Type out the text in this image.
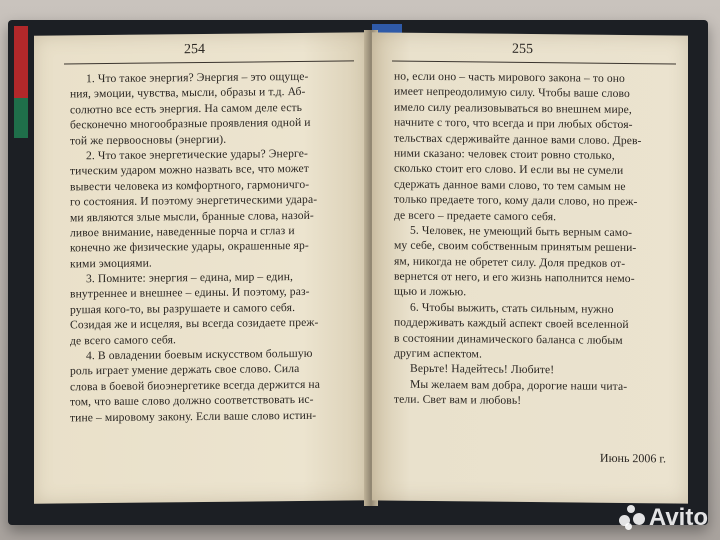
254
1. Что такое энергия? Энергия – это ощуще-
ния, эмоции, чувства, мысли, образы и т.д. Аб-
солютно все есть энергия. На самом деле есть
бесконечно многообразные проявления одной и
той же первоосновы (энергии).
2. Что такое энергетические удары? Энерге-
тическим ударом можно назвать все, что может
вывести человека из комфортного, гармоничго-
го состояния. И поэтому энергетическими удара-
ми являются злые мысли, бранные слова, назой-
ливое внимание, наведенные порча и сглаз и
конечно же физические удары, окрашенные яр-
кими эмоциями.
3. Помните: энергия – едина, мир – един,
внутреннее и внешнее – едины. И поэтому, раз-
рушая кого-то, вы разрушаете и самого себя.
Созидая же и исцеляя, вы всегда созидаете преж-
де всего самого себя.
4. В овладении боевым искусством большую
роль играет умение держать свое слово. Сила
слова в боевой биоэнергетике всегда держится на
том, что ваше слово должно соответствовать ис-
тине – мировому закону. Если ваше слово истин-
255
но, если оно – часть мирового закона – то оно
имеет непреодолимую силу. Чтобы ваше слово
имело силу реализовываться во внешнем мире,
начните с того, что всегда и при любых обстоя-
тельствах сдерживайте данное вами слово. Древ-
ними сказано: человек стоит ровно столько,
сколько стоит его слово. И если вы не сумели
сдержать данное вами слово, то тем самым не
только предаете того, кому дали слово, но преж-
де всего – предаете самого себя.
5. Человек, не умеющий быть верным само-
му себе, своим собственным принятым решени-
ям, никогда не обретет силу. Доля предков от-
вернется от него, и его жизнь наполнится немо-
щью и ложью.
6. Чтобы выжить, стать сильным, нужно
поддерживать каждый аспект своей вселенной
в состоянии динамического баланса с любым
другим аспектом.
Верьте! Надейтесь! Любите!
Мы желаем вам добра, дорогие наши чита-
тели. Свет вам и любовь!
Июнь 2006 г.
Avito
